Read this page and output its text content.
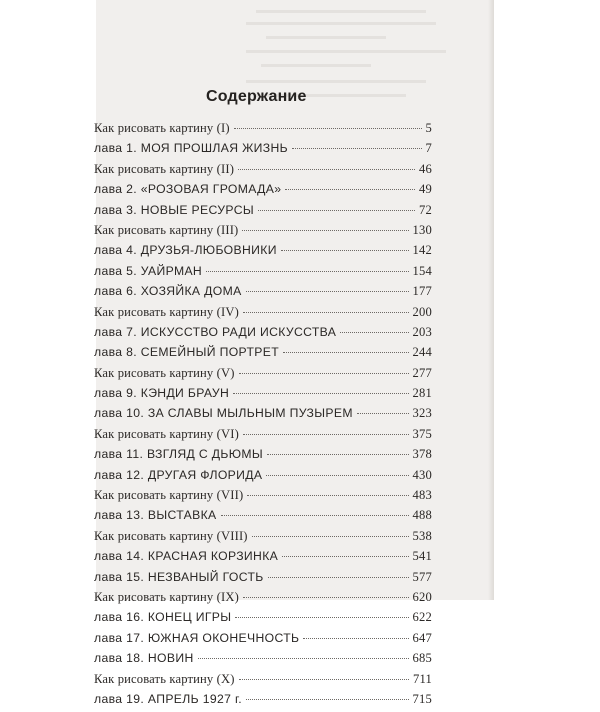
Содержание
Как рисовать картину (I)	5
лава 1. МОЯ ПРОШЛАЯ ЖИЗНЬ	7
Как рисовать картину (II)	46
лава 2. «РОЗОВАЯ ГРОМАДА»	49
лава 3. НОВЫЕ РЕСУРСЫ	72
Как рисовать картину (III)	130
лава 4. ДРУЗЬЯ-ЛЮБОВНИКИ	142
лава 5. УАЙРМАН	154
лава 6. ХОЗЯЙКА ДОМА	177
Как рисовать картину (IV)	200
лава 7. ИСКУССТВО РАДИ ИСКУССТВА	203
лава 8. СЕМЕЙНЫЙ ПОРТРЕТ	244
Как рисовать картину (V)	277
лава 9. КЭНДИ БРАУН	281
лава 10. ЗА СЛАВЫ МЫЛЬНЫМ ПУЗЫРЕМ	323
Как рисовать картину (VI)	375
лава 11. ВЗГЛЯД С ДЬЮМЫ	378
лава 12. ДРУГАЯ ФЛОРИДА	430
Как рисовать картину (VII)	483
лава 13. ВЫСТАВКА	488
Как рисовать картину (VIII)	538
лава 14. КРАСНАЯ КОРЗИНКА	541
лава 15. НЕЗВАНЫЙ ГОСТЬ	577
Как рисовать картину (IX)	620
лава 16. КОНЕЦ ИГРЫ	622
лава 17. ЮЖНАЯ ОКОНЕЧНОСТЬ	647
лава 18. НОВИН	685
Как рисовать картину (X)	711
лава 19. АПРЕЛЬ 1927 г.	715
